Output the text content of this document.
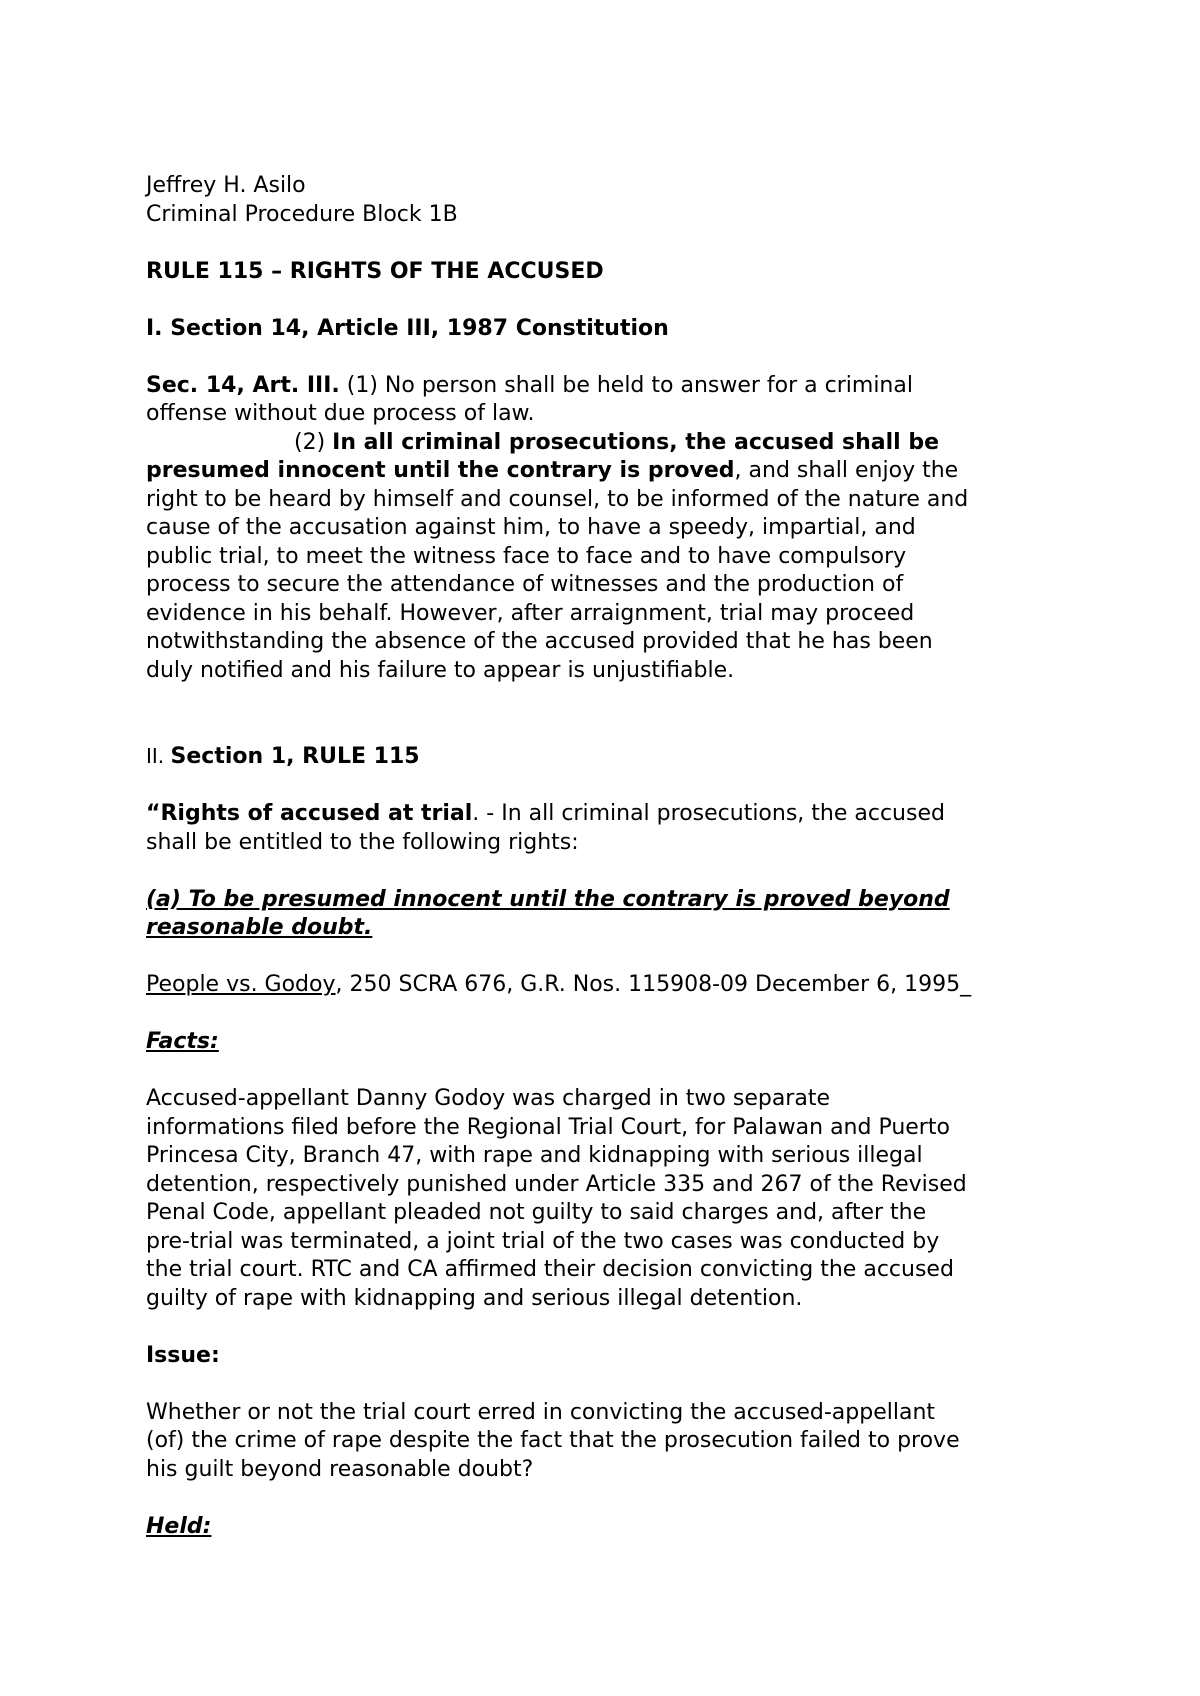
Jeffrey H. Asilo
Criminal Procedure Block 1B
RULE 115 – RIGHTS OF THE ACCUSED
I. Section 14, Article III, 1987 Constitution
Sec. 14, Art. III. (1) No person shall be held to answer for a criminal
offense without due process of law.
(2) In all criminal prosecutions, the accused shall be
presumed innocent until the contrary is proved, and shall enjoy the
right to be heard by himself and counsel, to be informed of the nature and
cause of the accusation against him, to have a speedy, impartial, and
public trial, to meet the witness face to face and to have compulsory
process to secure the attendance of witnesses and the production of
evidence in his behalf. However, after arraignment, trial may proceed
notwithstanding the absence of the accused provided that he has been
duly notified and his failure to appear is unjustifiable.
II. Section 1, RULE 115
“Rights of accused at trial. - In all criminal prosecutions, the accused
shall be entitled to the following rights:
(a) To be presumed innocent until the contrary is proved beyond
reasonable doubt.
People vs. Godoy, 250 SCRA 676, G.R. Nos. 115908-09 December 6, 1995_
Facts:
Accused-appellant Danny Godoy was charged in two separate
informations filed before the Regional Trial Court, for Palawan and Puerto
Princesa City, Branch 47, with rape and kidnapping with serious illegal
detention, respectively punished under Article 335 and 267 of the Revised
Penal Code, appellant pleaded not guilty to said charges and, after the
pre-trial was terminated, a joint trial of the two cases was conducted by
the trial court. RTC and CA affirmed their decision convicting the accused
guilty of rape with kidnapping and serious illegal detention.
Issue:
Whether or not the trial court erred in convicting the accused-appellant
(of) the crime of rape despite the fact that the prosecution failed to prove
his guilt beyond reasonable doubt?
Held:
